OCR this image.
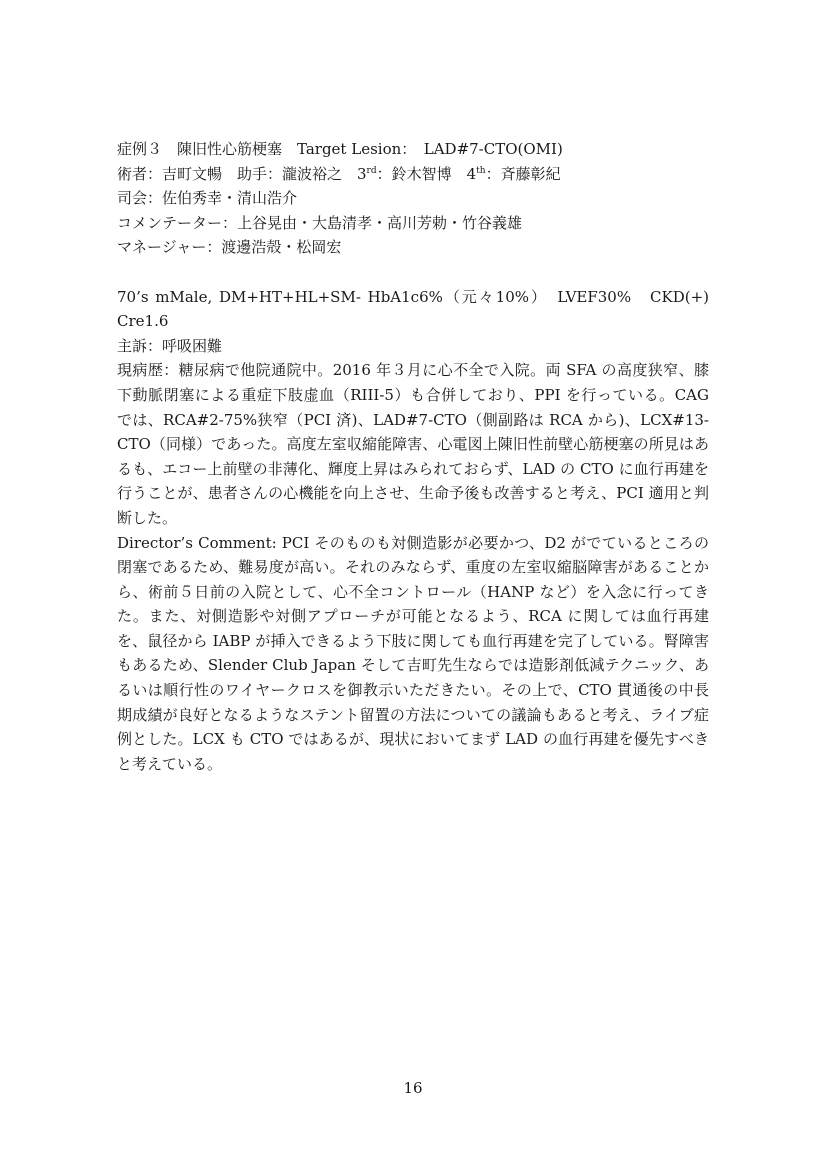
症例３　陳旧性心筋梗塞　Target Lesion：　LAD#7-CTO(OMI)
術者：吉町文暢　助手：瀧波裕之　3rd：鈴木智博　4th：斉藤彰紀
司会：佐伯秀幸・清山浩介
コメンテーター：上谷晃由・大島清孝・高川芳勅・竹谷義雄
マネージャー：渡邊浩殻・松岡宏
70’s mMale, DM+HT+HL+SM- HbA1c6%（元々10%）　LVEF30%　CKD(+) Cre1.6
主訴：呼吸困難
現病歴：糖尿病で他院通院中。2016 年３月に心不全で入院。両 SFA の高度狭窄、膝下動脈閉塞による重症下肢虚血（RIII-5）も合併しており、PPI を行っている。CAG では、RCA#2-75%狭窄（PCI 済)、LAD#7-CTO（側副路は RCA から)、LCX#13-CTO（同様）であった。高度左室収縮能障害、心電図上陳旧性前壁心筋梗塞の所見はあるも、エコー上前壁の非薄化、輝度上昇はみられておらず、LAD の CTO に血行再建を行うことが、患者さんの心機能を向上させ、生命予後も改善すると考え、PCI 適用と判断した。
Director’s Comment: PCI そのものも対側造影が必要かつ、D2 がでているところの閉塞であるため、難易度が高い。それのみならず、重度の左室収縮脳障害があることから、術前５日前の入院として、心不全コントロール（HANP など）を入念に行ってきた。また、対側造影や対側アプローチが可能となるよう、RCA に関しては血行再建を、鼠径から IABP が挿入できるよう下肢に関しても血行再建を完了している。腎障害もあるため、Slender Club Japan そして吉町先生ならでは造影剤低減テクニック、あるいは順行性のワイヤークロスを御教示いただきたい。その上で、CTO 貫通後の中長期成績が良好となるようなステント留置の方法についての議論もあると考え、ライブ症例とした。LCX も CTO ではあるが、現状においてまず LAD の血行再建を優先すべきと考えている。
16
